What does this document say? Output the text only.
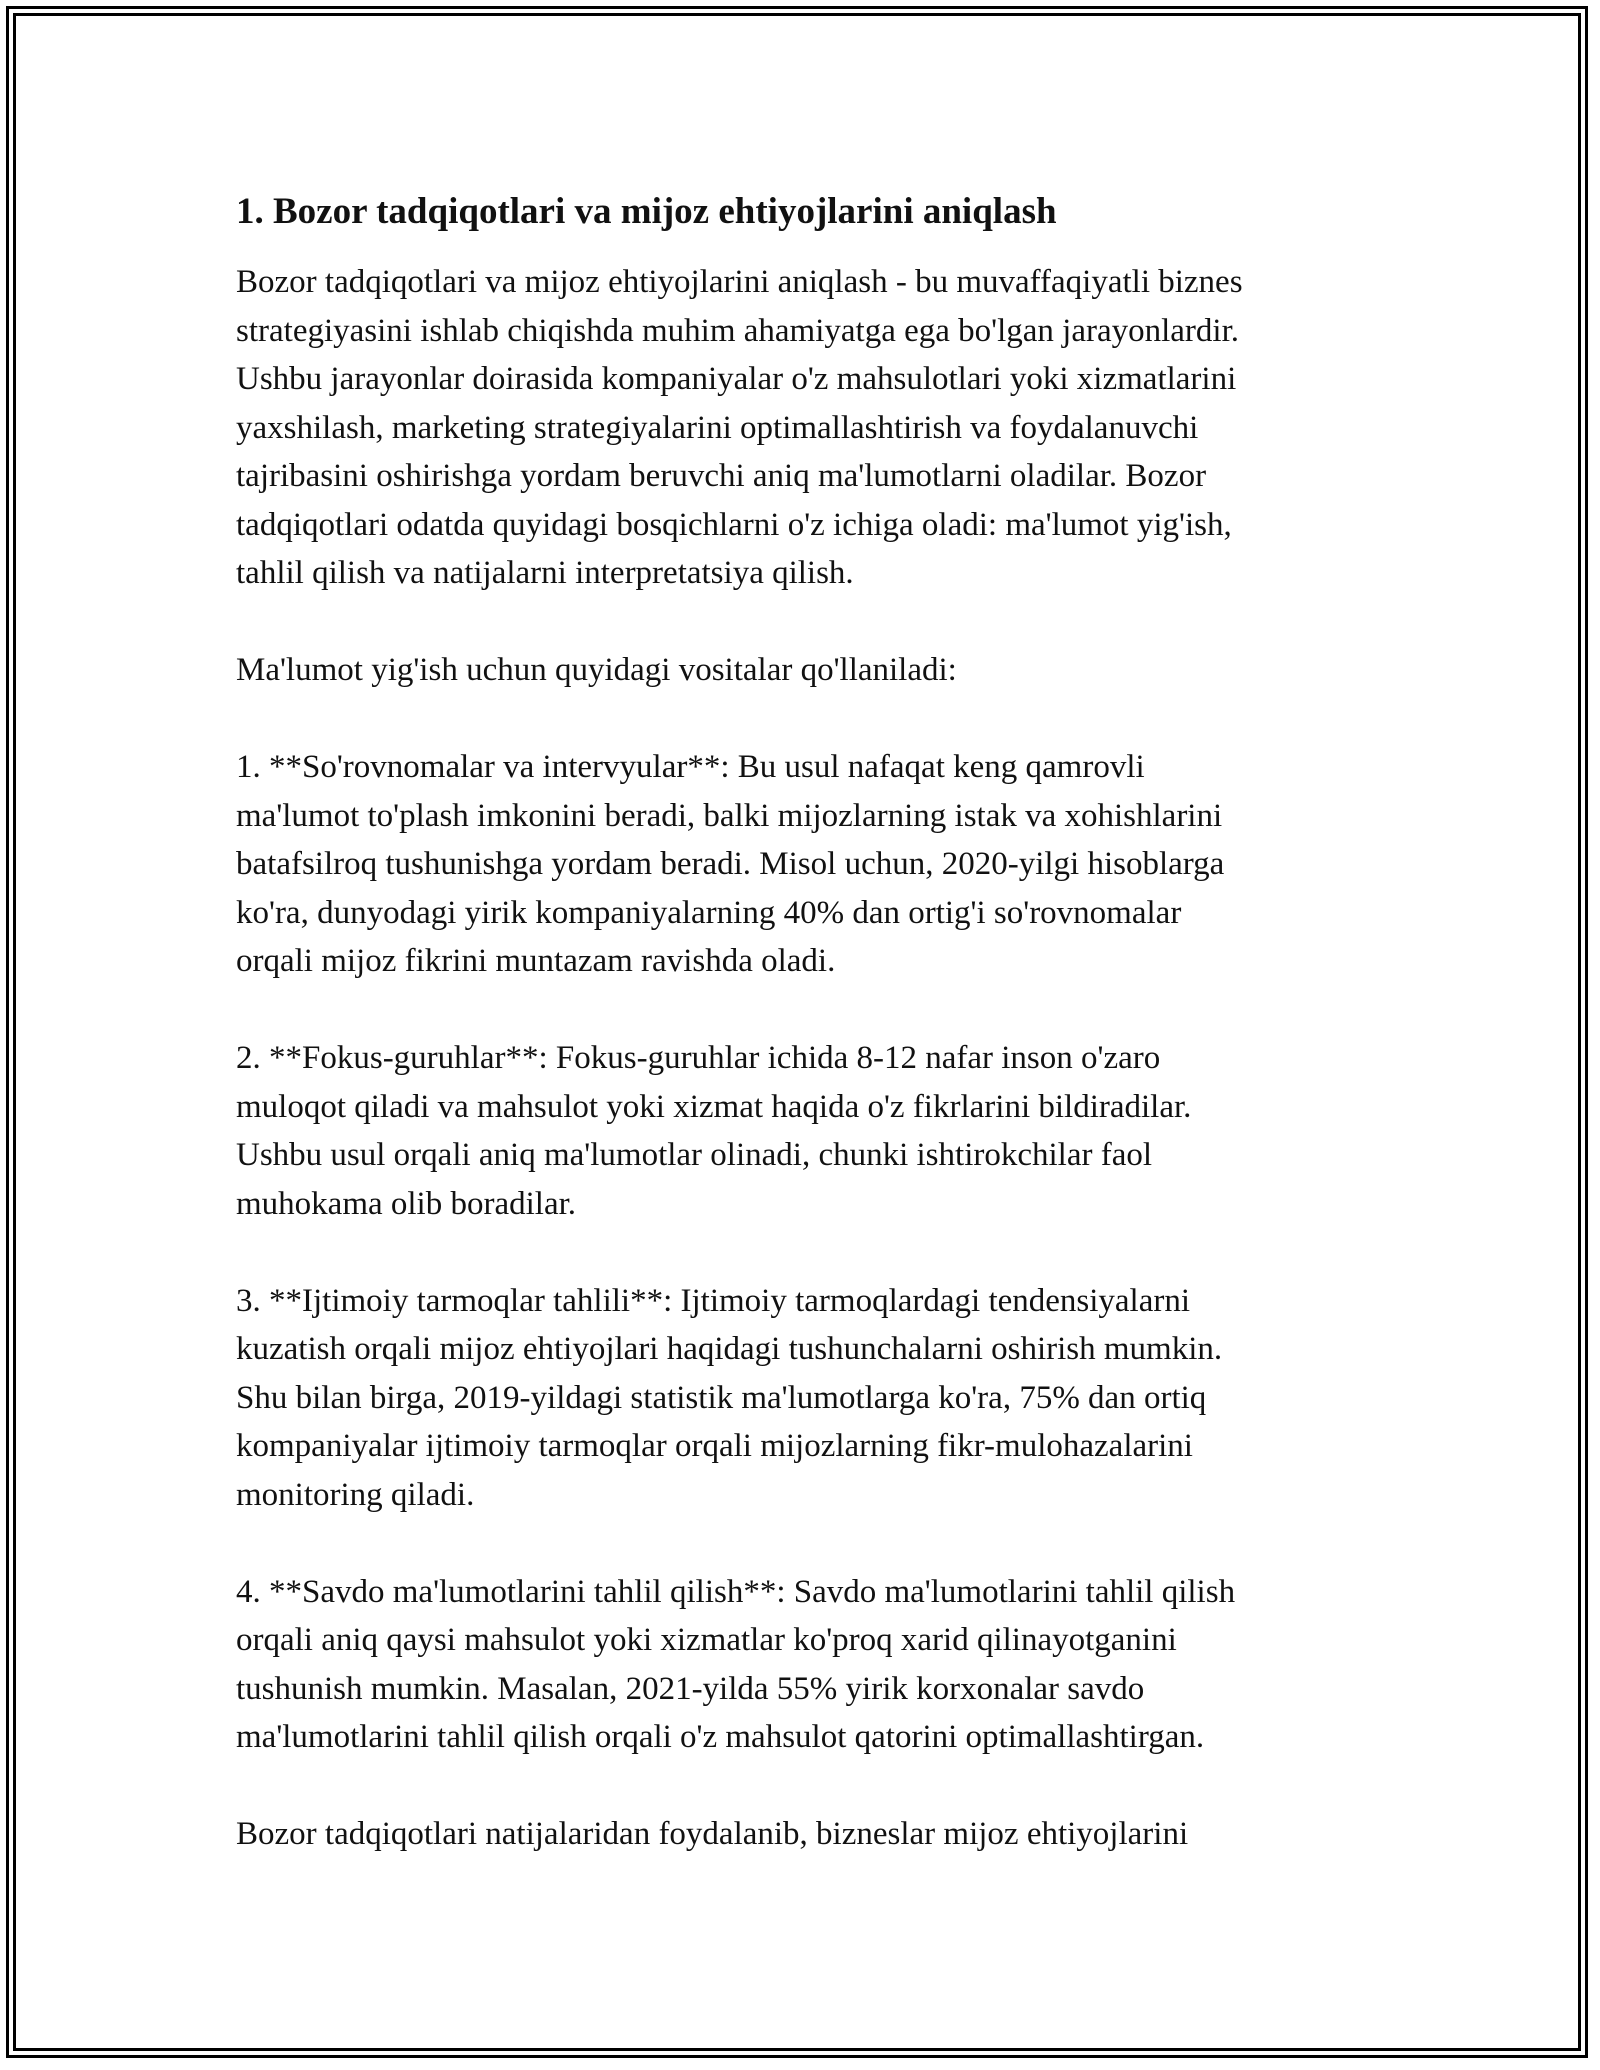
1. Bozor tadqiqotlari va mijoz ehtiyojlarini aniqlash

Bozor tadqiqotlari va mijoz ehtiyojlarini aniqlash - bu muvaffaqiyatli biznes
strategiyasini ishlab chiqishda muhim ahamiyatga ega bo'lgan jarayonlardir.
Ushbu jarayonlar doirasida kompaniyalar o'z mahsulotlari yoki xizmatlarini
yaxshilash, marketing strategiyalarini optimallashtirish va foydalanuvchi
tajribasini oshirishga yordam beruvchi aniq ma'lumotlarni oladilar. Bozor
tadqiqotlari odatda quyidagi bosqichlarni o'z ichiga oladi: ma'lumot yig'ish,
tahlil qilish va natijalarni interpretatsiya qilish.

Ma'lumot yig'ish uchun quyidagi vositalar qo'llaniladi:

1. **So'rovnomalar va intervyular**: Bu usul nafaqat keng qamrovli
ma'lumot to'plash imkonini beradi, balki mijozlarning istak va xohishlarini
batafsilroq tushunishga yordam beradi. Misol uchun, 2020-yilgi hisoblarga
ko'ra, dunyodagi yirik kompaniyalarning 40% dan ortig'i so'rovnomalar
orqali mijoz fikrini muntazam ravishda oladi.

2. **Fokus-guruhlar**: Fokus-guruhlar ichida 8-12 nafar inson o'zaro
muloqot qiladi va mahsulot yoki xizmat haqida o'z fikrlarini bildiradilar.
Ushbu usul orqali aniq ma'lumotlar olinadi, chunki ishtirokchilar faol
muhokama olib boradilar.

3. **Ijtimoiy tarmoqlar tahlili**: Ijtimoiy tarmoqlardagi tendensiyalarni
kuzatish orqali mijoz ehtiyojlari haqidagi tushunchalarni oshirish mumkin.
Shu bilan birga, 2019-yildagi statistik ma'lumotlarga ko'ra, 75% dan ortiq
kompaniyalar ijtimoiy tarmoqlar orqali mijozlarning fikr-mulohazalarini
monitoring qiladi.

4. **Savdo ma'lumotlarini tahlil qilish**: Savdo ma'lumotlarini tahlil qilish
orqali aniq qaysi mahsulot yoki xizmatlar ko'proq xarid qilinayotganini
tushunish mumkin. Masalan, 2021-yilda 55% yirik korxonalar savdo
ma'lumotlarini tahlil qilish orqali o'z mahsulot qatorini optimallashtirgan.

Bozor tadqiqotlari natijalaridan foydalanib, bizneslar mijoz ehtiyojlarini
